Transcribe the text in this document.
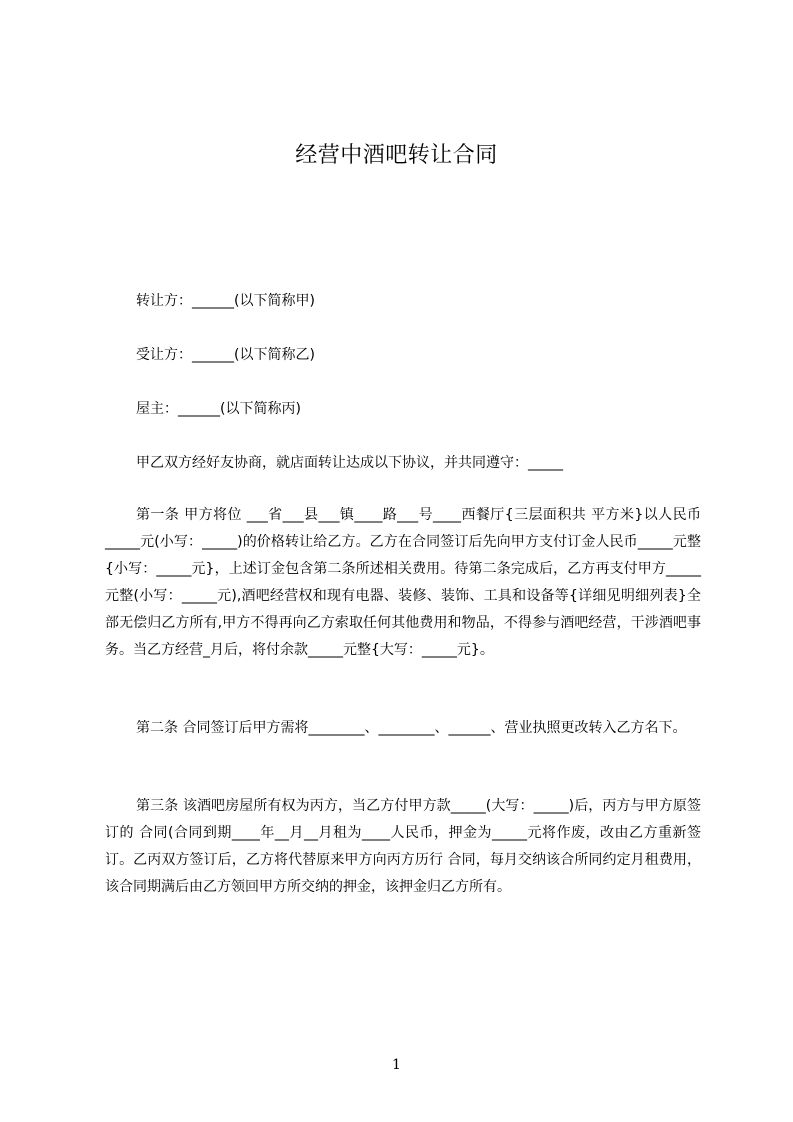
经营中酒吧转让合同
转让方：______(以下简称甲)
受让方：______(以下简称乙)
屋主：______(以下简称丙)
甲乙双方经好友协商，就店面转让达成以下协议，并共同遵守：_____

第一条 甲方将位 ___省___县___镇____路___号____西餐厅{三层面积共 平方米}以人民币_____元(小写：_____)的价格转让给乙方。乙方在合同签订后先向甲方支付订金人民币_____元整{小写：_____元}，上述订金包含第二条所述相关费用。待第二条完成后，乙方再支付甲方_____元整(小写：_____元),酒吧经营权和现有电器、装修、装饰、工具和设备等{详细见明细列表}全部无偿归乙方所有,甲方不得再向乙方索取任何其他费用和物品，不得参与酒吧经营，干涉酒吧事务。当乙方经营_月后，将付余款_____元整{大写：_____元}。

第二条 合同签订后甲方需将________、________、______、营业执照更改转入乙方名下。

第三条 该酒吧房屋所有权为丙方，当乙方付甲方款_____(大写：_____)后，丙方与甲方原签订的 合同(合同到期____年__月__月租为____人民币，押金为_____元将作废，改由乙方重新签订。乙丙双方签订后，乙方将代替原来甲方向丙方历行 合同，每月交纳该合所同约定月租费用，该合同期满后由乙方领回甲方所交纳的押金，该押金归乙方所有。

1
